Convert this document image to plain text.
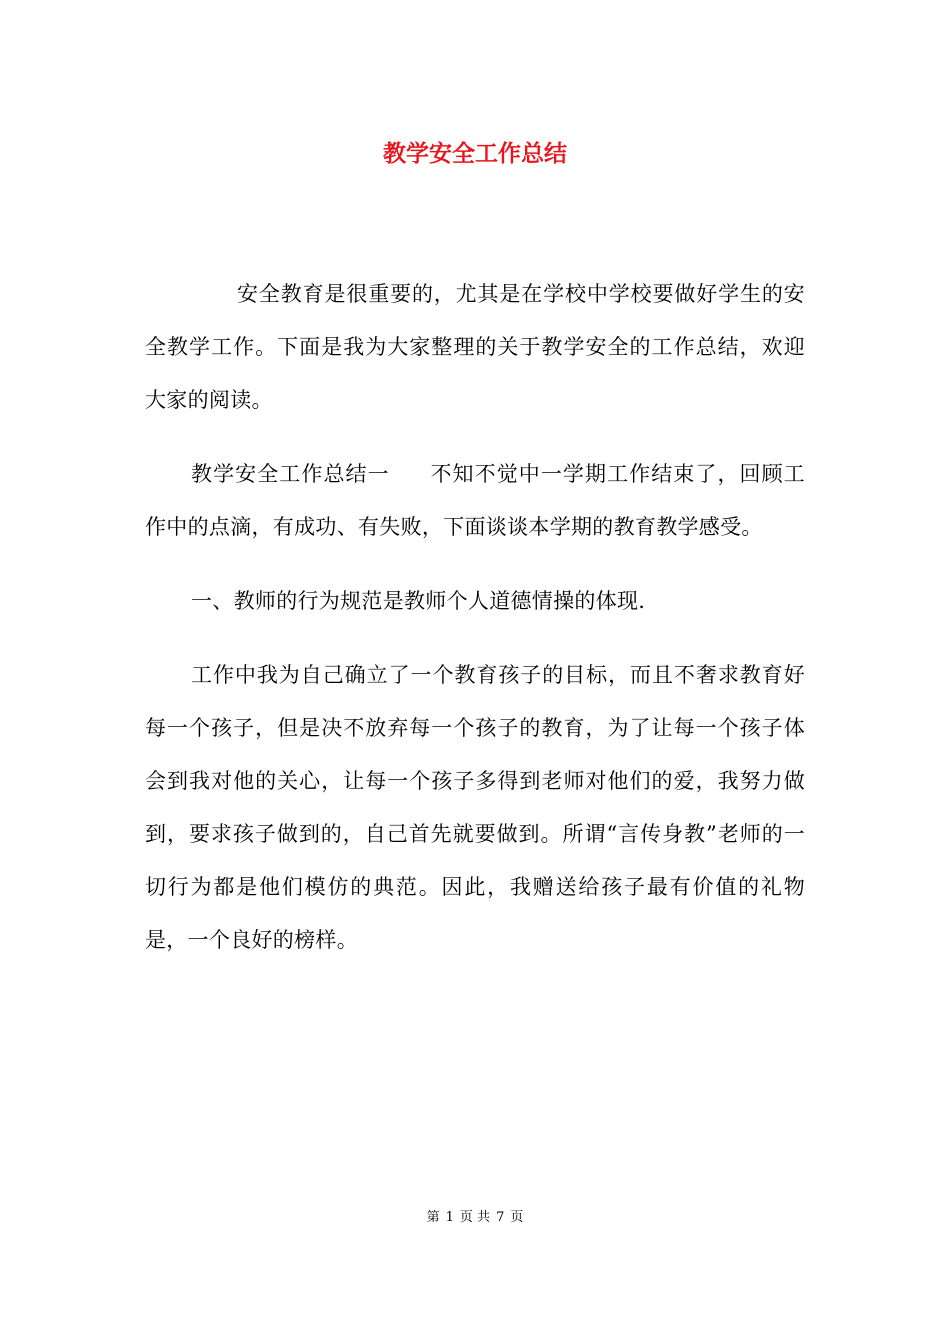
教学安全工作总结

安全教育是很重要的，尤其是在学校中学校要做好学生的安全教学工作。下面是我为大家整理的关于教学安全的工作总结，欢迎大家的阅读。

教学安全工作总结一 不知不觉中一学期工作结束了，回顾工作中的点滴，有成功、有失败，下面谈谈本学期的教育教学感受。

一、教师的行为规范是教师个人道德情操的体现.

工作中我为自己确立了一个教育孩子的目标，而且不奢求教育好每一个孩子，但是决不放弃每一个孩子的教育，为了让每一个孩子体会到我对他的关心，让每一个孩子多得到老师对他们的爱，我努力做到，要求孩子做到的，自己首先就要做到。所谓“言传身教”老师的一切行为都是他们模仿的典范。因此，我赠送给孩子最有价值的礼物是，一个良好的榜样。

第 1 页 共 7 页
